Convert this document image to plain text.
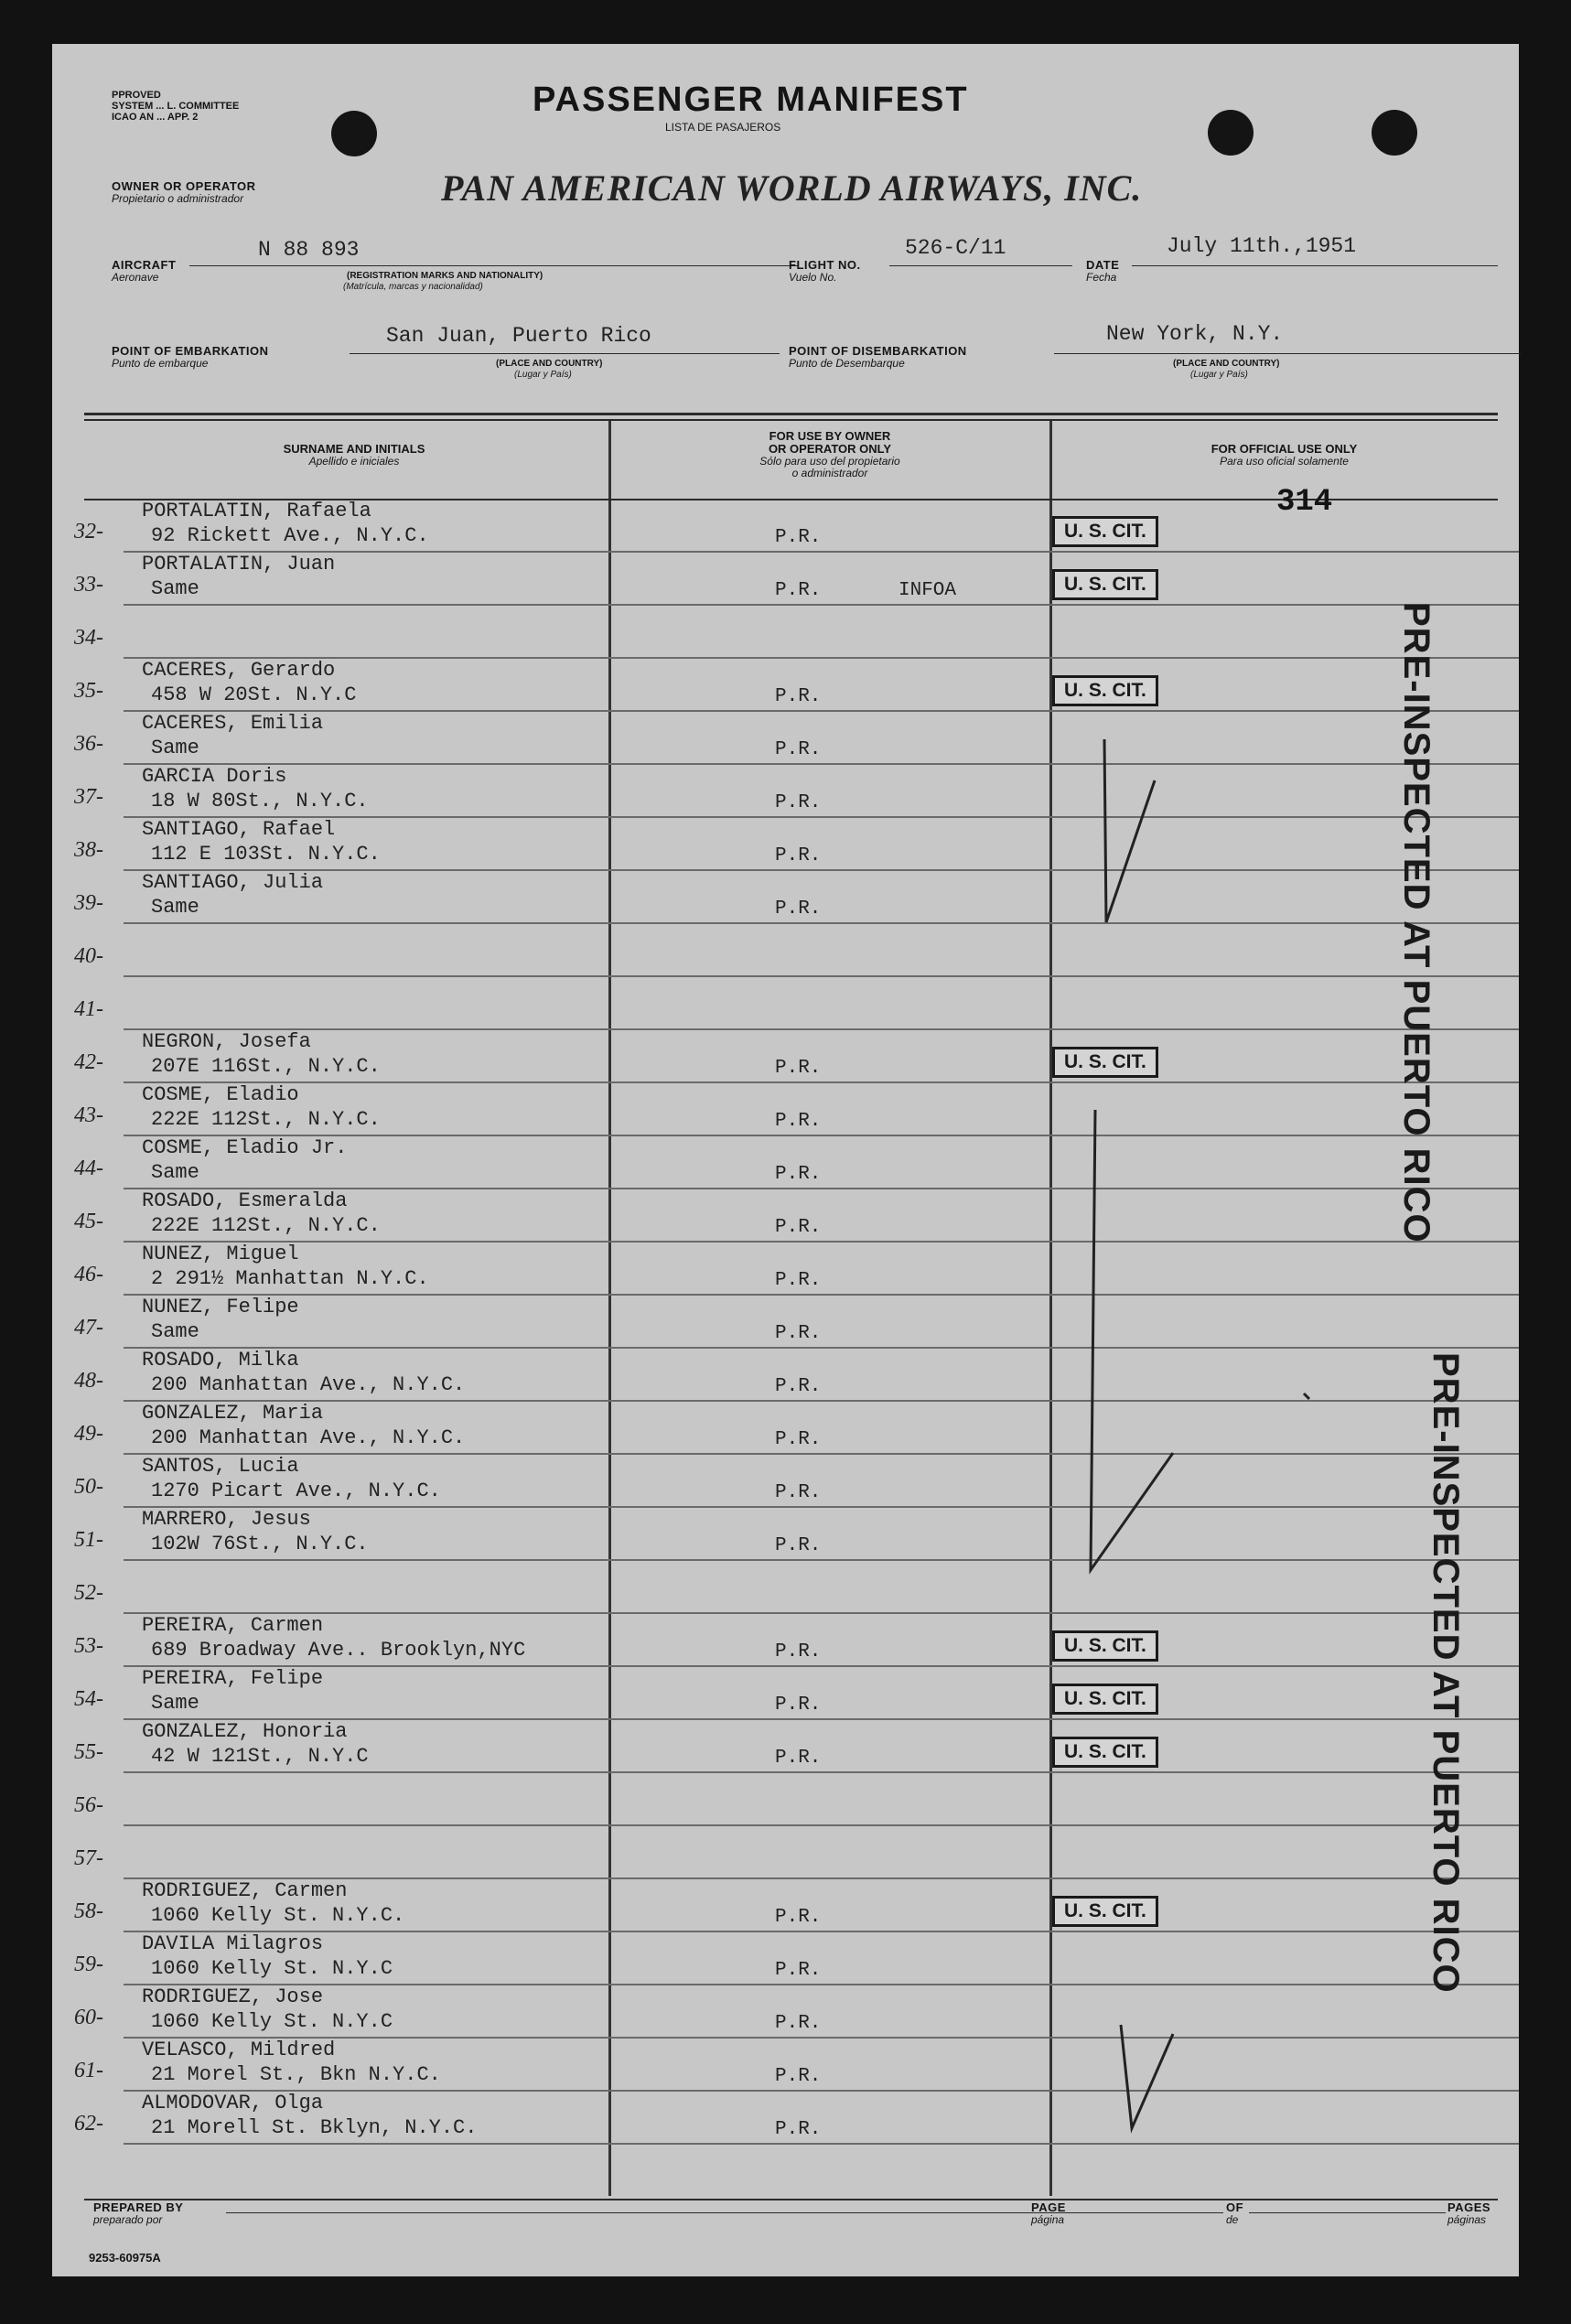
PPROVED
SYSTEM ... L. COMMITTEE
ICAO AN ... APP. 2	PASSENGER MANIFEST
LISTA DE PASAJEROS
OWNER OR OPERATOR
Propietario o administrador	PAN AMERICAN WORLD AIRWAYS, INC.
AIRCRAFT
Aeronave
N 88 893
(REGISTRATION MARKS AND NATIONALITY)
(Matrícula, marcas y nacionalidad)
FLIGHT NO.
Vuelo No.
526-C/11
DATE
Fecha
July 11th.,1951
POINT OF EMBARKATION
Punto de embarque
San Juan, Puerto Rico
(PLACE AND COUNTRY)
(Lugar y País)
POINT OF DISEMBARKATION
Punto de Desembarque
New York, N.Y.
(PLACE AND COUNTRY)
(Lugar y País)
SURNAME AND INITIALS
Apellido e iniciales
FOR USE BY OWNER
OR OPERATOR ONLY
Sólo para uso del propietario
o administrador
FOR OFFICIAL USE ONLY
Para uso oficial solamente
314
32-
PORTALATIN, Rafaela
92 Rickett Ave., N.Y.C.	P.R.	U. S. CIT.
33-
PORTALATIN, Juan
Same	P.R.	INFOA	U. S. CIT.
34-
35-
CACERES, Gerardo
458 W 20St. N.Y.C	P.R.	U. S. CIT.
36-
CACERES, Emilia
Same	P.R.
37-
GARCIA Doris
18 W 80St., N.Y.C.	P.R.
38-
SANTIAGO, Rafael
112 E 103St. N.Y.C.	P.R.
39-
SANTIAGO, Julia
Same	P.R.
40-
41-
42-
NEGRON, Josefa
207E 116St., N.Y.C.	P.R.	U. S. CIT.
43-
COSME, Eladio
222E 112St., N.Y.C.	P.R.
44-
COSME, Eladio Jr.
Same	P.R.
45-
ROSADO, Esmeralda
222E 112St., N.Y.C.	P.R.
46-
NUNEZ, Miguel
2 291½ Manhattan N.Y.C.	P.R.
47-
NUNEZ, Felipe
Same	P.R.
48-
ROSADO, Milka
200 Manhattan Ave., N.Y.C.	P.R.
49-
GONZALEZ, Maria
200 Manhattan Ave., N.Y.C.	P.R.
50-
SANTOS, Lucia
1270 Picart Ave., N.Y.C.	P.R.
51-
MARRERO, Jesus
102W 76St., N.Y.C.	P.R.
52-
53-
PEREIRA, Carmen
689 Broadway Ave.. Brooklyn,NYC	P.R.	U. S. CIT.
54-
PEREIRA, Felipe
Same	P.R.	U. S. CIT.
55-
GONZALEZ, Honoria
42 W 121St., N.Y.C	P.R.	U. S. CIT.
56-
57-
58-
RODRIGUEZ, Carmen
1060 Kelly St. N.Y.C.	P.R.	U. S. CIT.
59-
DAVILA Milagros
1060 Kelly St. N.Y.C	P.R.
60-
RODRIGUEZ, Jose
1060 Kelly St. N.Y.C	P.R.
61-
VELASCO, Mildred
21 Morel St., Bkn N.Y.C.	P.R.
62-
ALMODOVAR, Olga
21 Morell St. Bklyn, N.Y.C.	P.R.
PRE-INSPECTED AT PUERTO RICO
PRE-INSPECTED AT PUERTO RICO
PREPARED BY
preparado por
PAGE
página
OF
de
PAGES
páginas
9253-60975A
